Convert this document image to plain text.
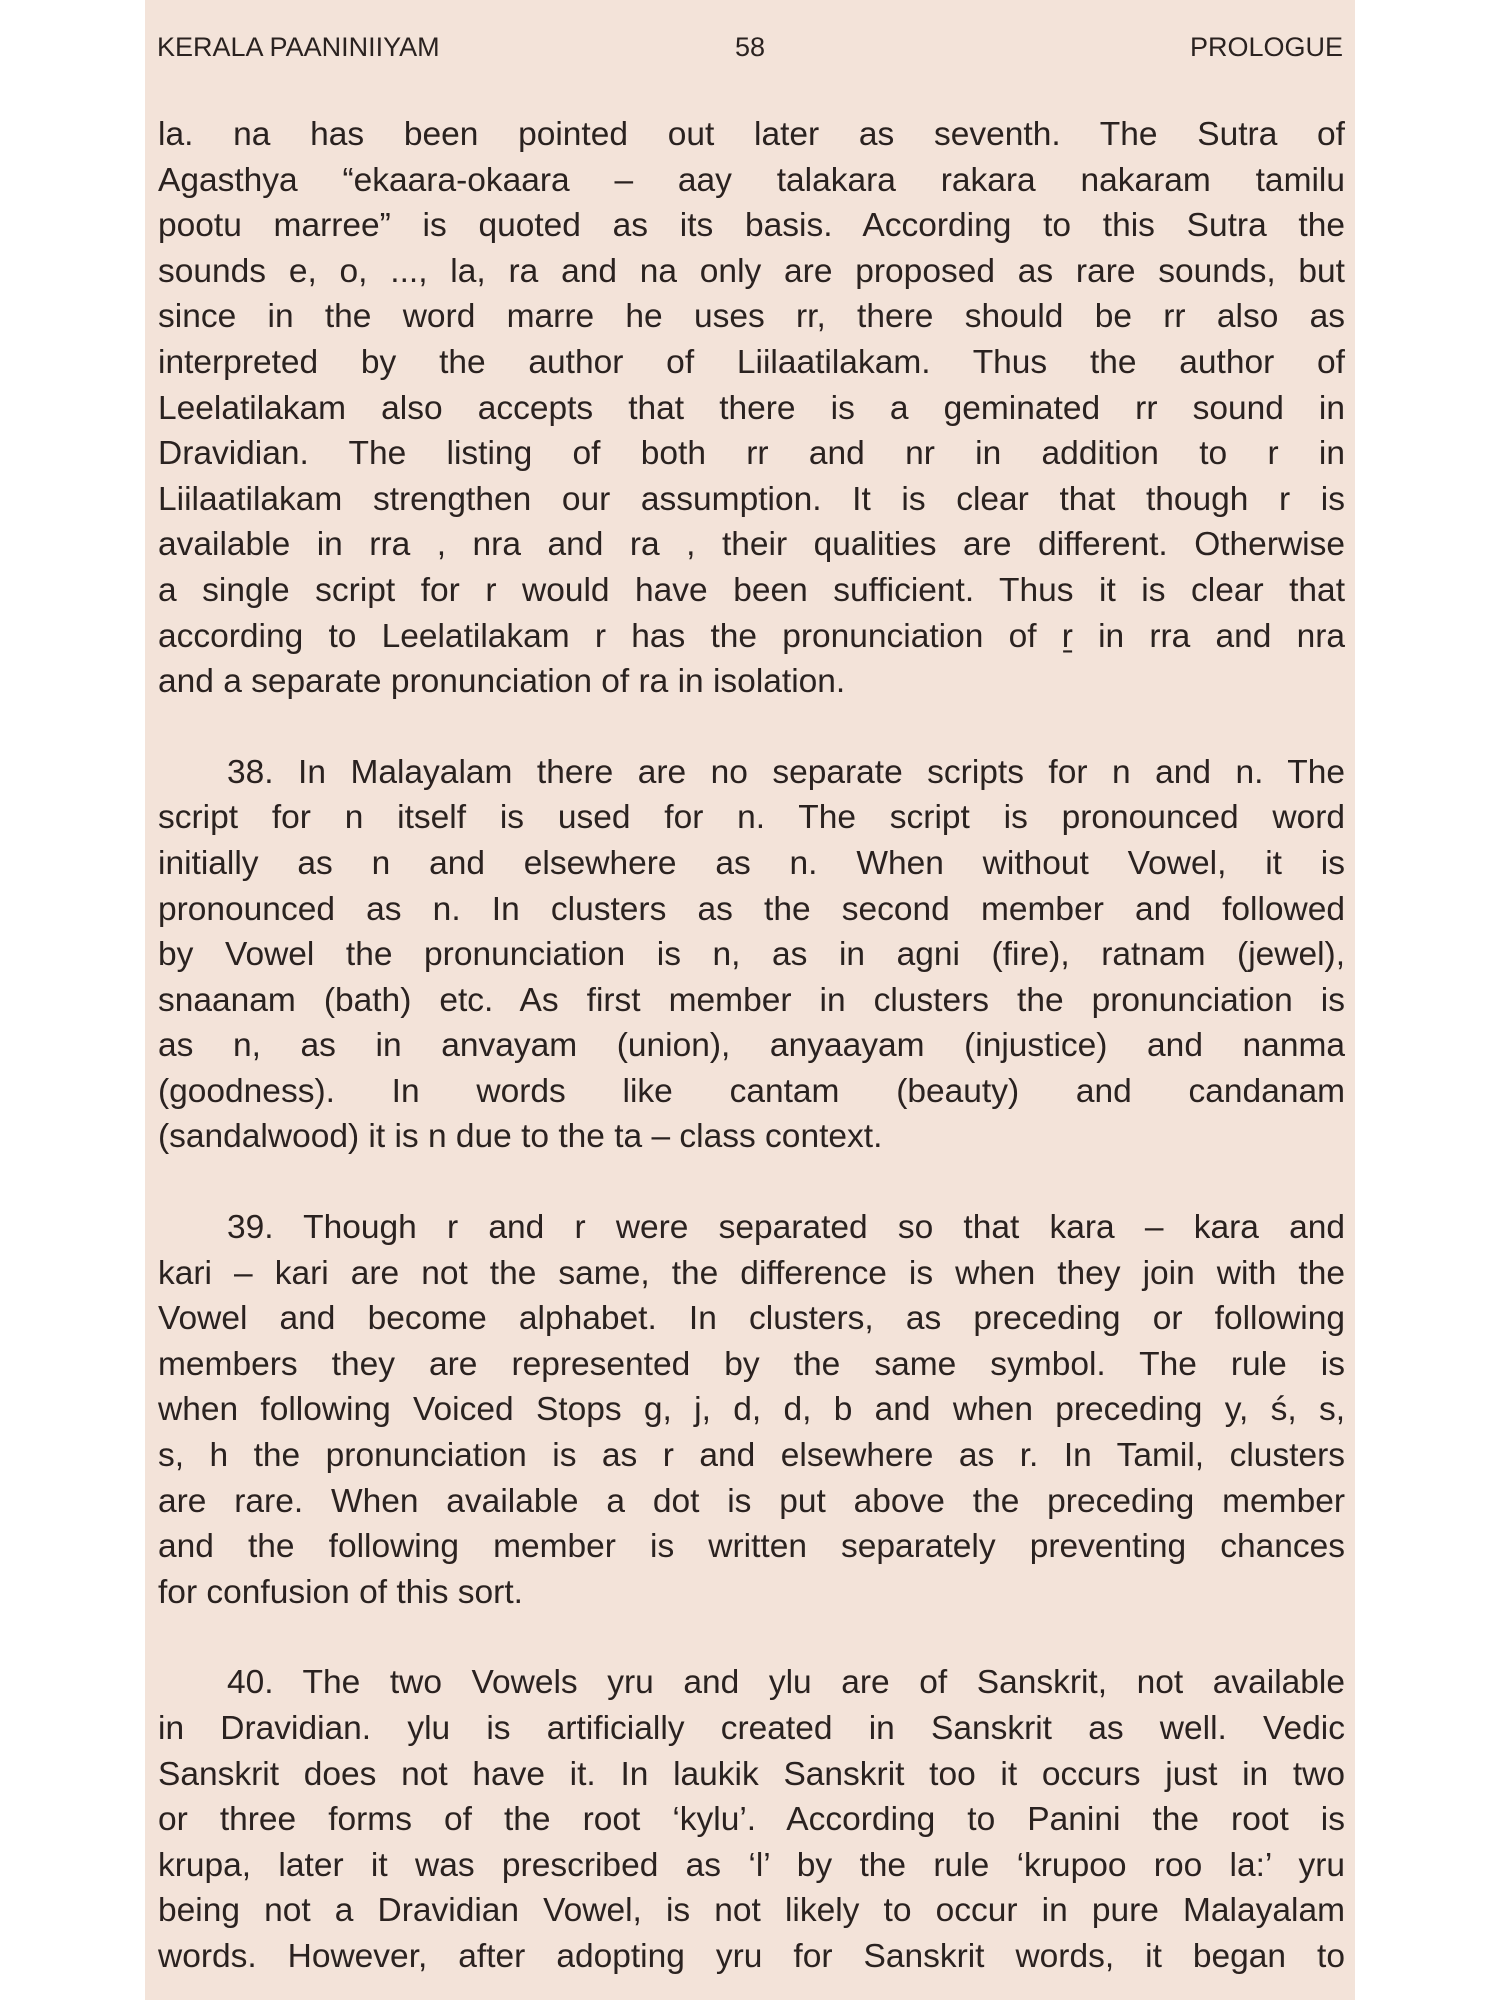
KERALA PAANINIIYAM	58	PROLOGUE
la. na has been pointed out later as seventh. The Sutra of
Agasthya “ekaara-okaara – aay talakara rakara nakaram tamilu
pootu marree” is quoted as its basis. According to this Sutra the
sounds e, o, ..., la, ra and na only are proposed as rare sounds, but
since in the word marre he uses rr, there should be rr also as
interpreted by the author of Liilaatilakam. Thus the author of
Leelatilakam also accepts that there is a geminated rr sound in
Dravidian. The listing of both rr and nr in addition to r in
Liilaatilakam strengthen our assumption. It is clear that though r is
available in rra , nra and ra , their qualities are different. Otherwise
a single script for r would have been sufficient. Thus it is clear that
according to Leelatilakam r has the pronunciation of ṟ in rra and nra
and a separate pronunciation of ra in isolation.
38. In Malayalam there are no separate scripts for n and n. The
script for n itself is used for n. The script is pronounced word
initially as n and elsewhere as n. When without Vowel, it is
pronounced as n. In clusters as the second member and followed
by Vowel the pronunciation is n, as in agni (fire), ratnam (jewel),
snaanam (bath) etc. As first member in clusters the pronunciation is
as n, as in anvayam (union), anyaayam (injustice) and nanma
(goodness). In words like cantam (beauty) and candanam
(sandalwood) it is n due to the ta – class context.
39. Though r and r were separated so that kara – kara and
kari – kari are not the same, the difference is when they join with the
Vowel and become alphabet. In clusters, as preceding or following
members they are represented by the same symbol. The rule is
when following Voiced Stops g, j, d, d, b and when preceding y, ś, s,
s, h the pronunciation is as r and elsewhere as r. In Tamil, clusters
are rare. When available a dot is put above the preceding member
and the following member is written separately preventing chances
for confusion of this sort.
40. The two Vowels yru and ylu are of Sanskrit, not available
in Dravidian. ylu is artificially created in Sanskrit as well. Vedic
Sanskrit does not have it. In laukik Sanskrit too it occurs just in two
or three forms of the root ‘kylu’. According to Panini the root is
krupa, later it was prescribed as ‘l’ by the rule ‘krupoo roo la:’ yru
being not a Dravidian Vowel, is not likely to occur in pure Malayalam
words. However, after adopting yru for Sanskrit words, it began to
